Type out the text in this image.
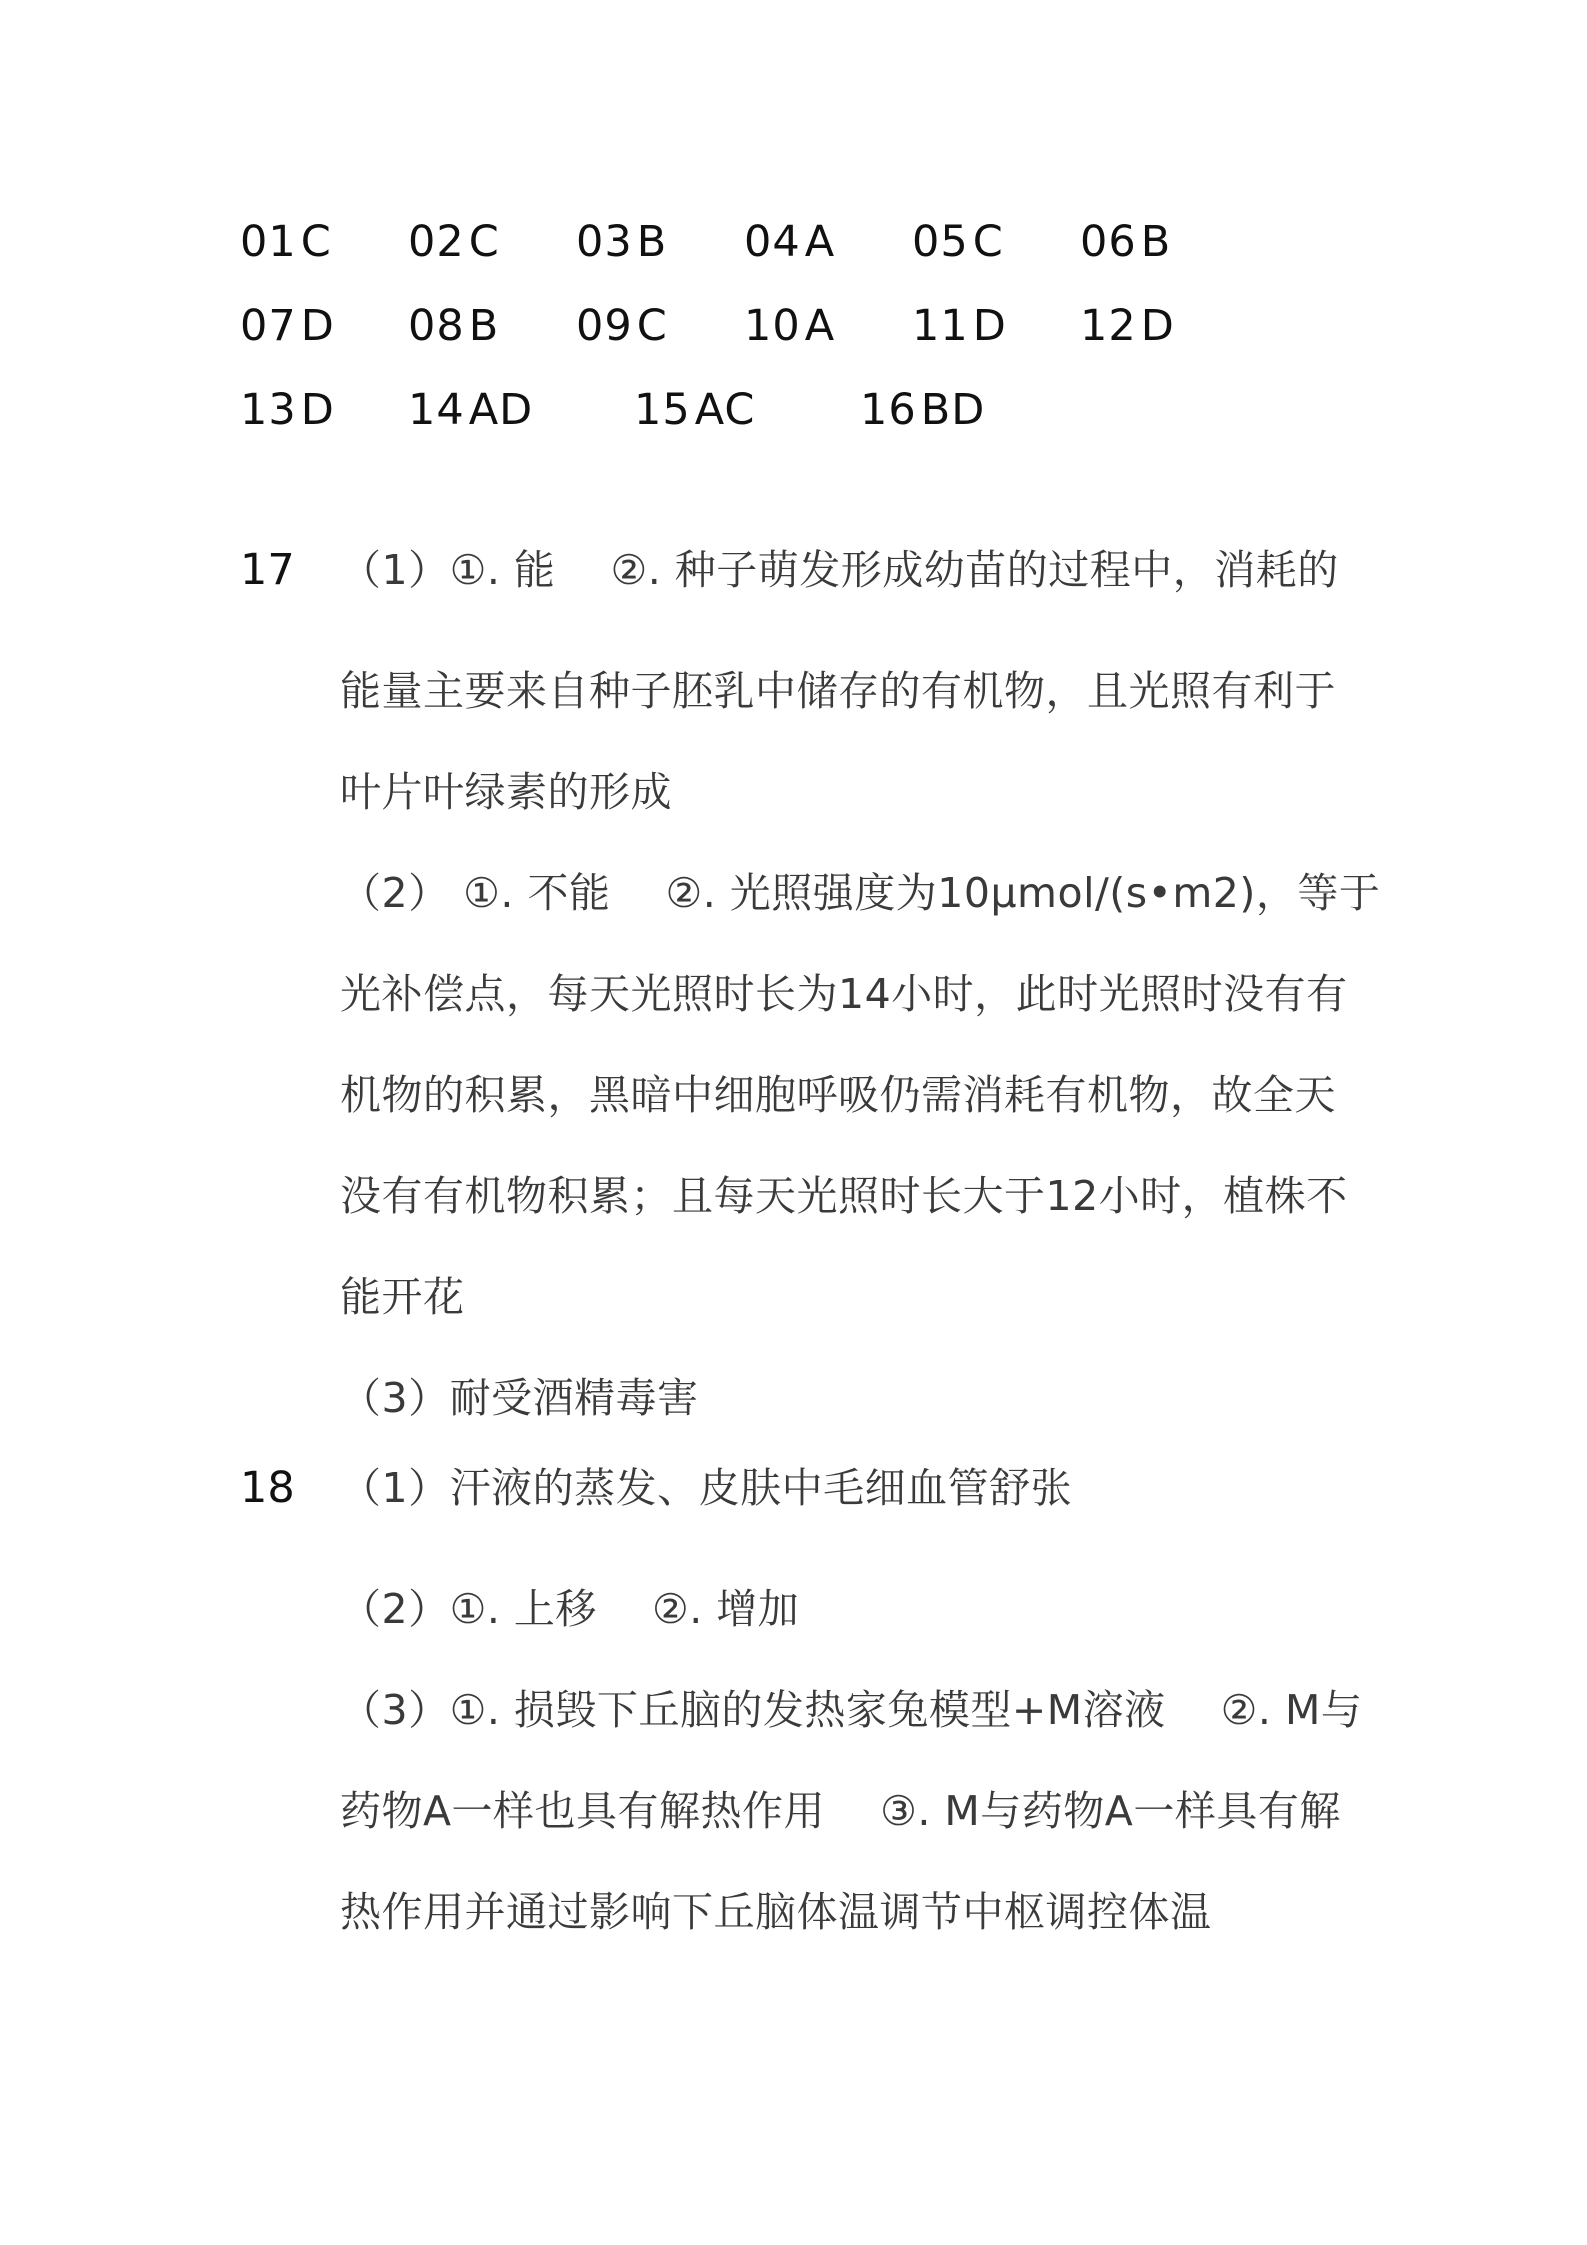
01C	02C	03B	04A	05C	06B
07D	08B	09C	10A	11D	12D
13D	14AD	15AC	16BD
17 （1）①. 能　 ②. 种子萌发形成幼苗的过程中，消耗的
能量主要来自种子胚乳中储存的有机物，且光照有利于
叶片叶绿素的形成
（2） ①. 不能　 ②. 光照强度为10μmol/(s•m2)，等于
光补偿点，每天光照时长为14小时，此时光照时没有有
机物的积累，黑暗中细胞呼吸仍需消耗有机物，故全天
没有有机物积累；且每天光照时长大于12小时，植株不
能开花
（3）耐受酒精毒害
18 （1）汗液的蒸发、皮肤中毛细血管舒张
（2）①. 上移　 ②. 增加
（3）①. 损毁下丘脑的发热家兔模型+M溶液　 ②. M与
药物A一样也具有解热作用　 ③. M与药物A一样具有解
热作用并通过影响下丘脑体温调节中枢调控体温
